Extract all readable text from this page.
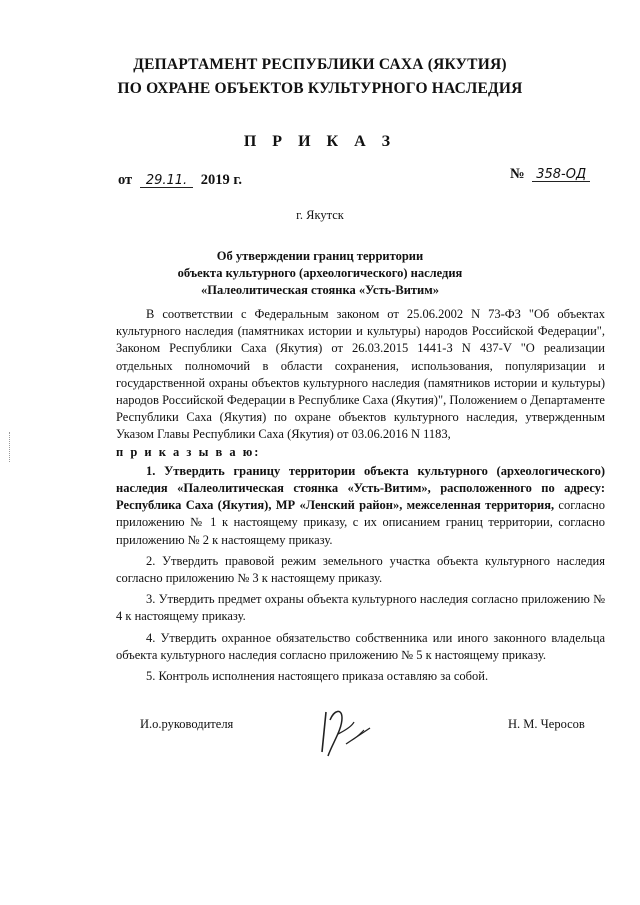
ДЕПАРТАМЕНТ РЕСПУБЛИКИ САХА (ЯКУТИЯ)
ПО ОХРАНЕ ОБЪЕКТОВ КУЛЬТУРНОГО НАСЛЕДИЯ
П Р И К А З
от 29.11. 2019 г.	№ 358-ОД
г. Якутск
Об утверждении границ территории
объекта культурного (археологического) наследия
«Палеолитическая стоянка «Усть-Витим»

В соответствии с Федеральным законом от 25.06.2002 N 73-ФЗ "Об объектах культурного наследия (памятниках истории и культуры) народов Российской Федерации", Законом Республики Саха (Якутия) от 26.03.2015 1441-З N 437-V "О реализации отдельных полномочий в области сохранения, использования, популяризации и государственной охраны объектов культурного наследия (памятников истории и культуры) народов Российской Федерации в Республике Саха (Якутия)", Положением о Департаменте Республики Саха (Якутия) по охране объектов культурного наследия, утвержденным Указом Главы Республики Саха (Якутия) от 03.06.2016 N 1183,

п р и к а з ы в а ю:

1. Утвердить границу территории объекта культурного (археологического) наследия «Палеолитическая стоянка «Усть-Витим», расположенного по адресу: Республика Саха (Якутия), МР «Ленский район», межселенная территория, согласно приложению № 1 к настоящему приказу, с их описанием границ территории, согласно приложению № 2 к настоящему приказу.

2. Утвердить правовой режим земельного участка объекта культурного наследия согласно приложению № 3 к настоящему приказу.

3. Утвердить предмет охраны объекта культурного наследия согласно приложению № 4 к настоящему приказу.

4. Утвердить охранное обязательство собственника или иного законного владельца объекта культурного наследия согласно приложению № 5 к настоящему приказу.

5. Контроль исполнения настоящего приказа оставляю за собой.

И.о.руководителя	Н. М. Черосов
